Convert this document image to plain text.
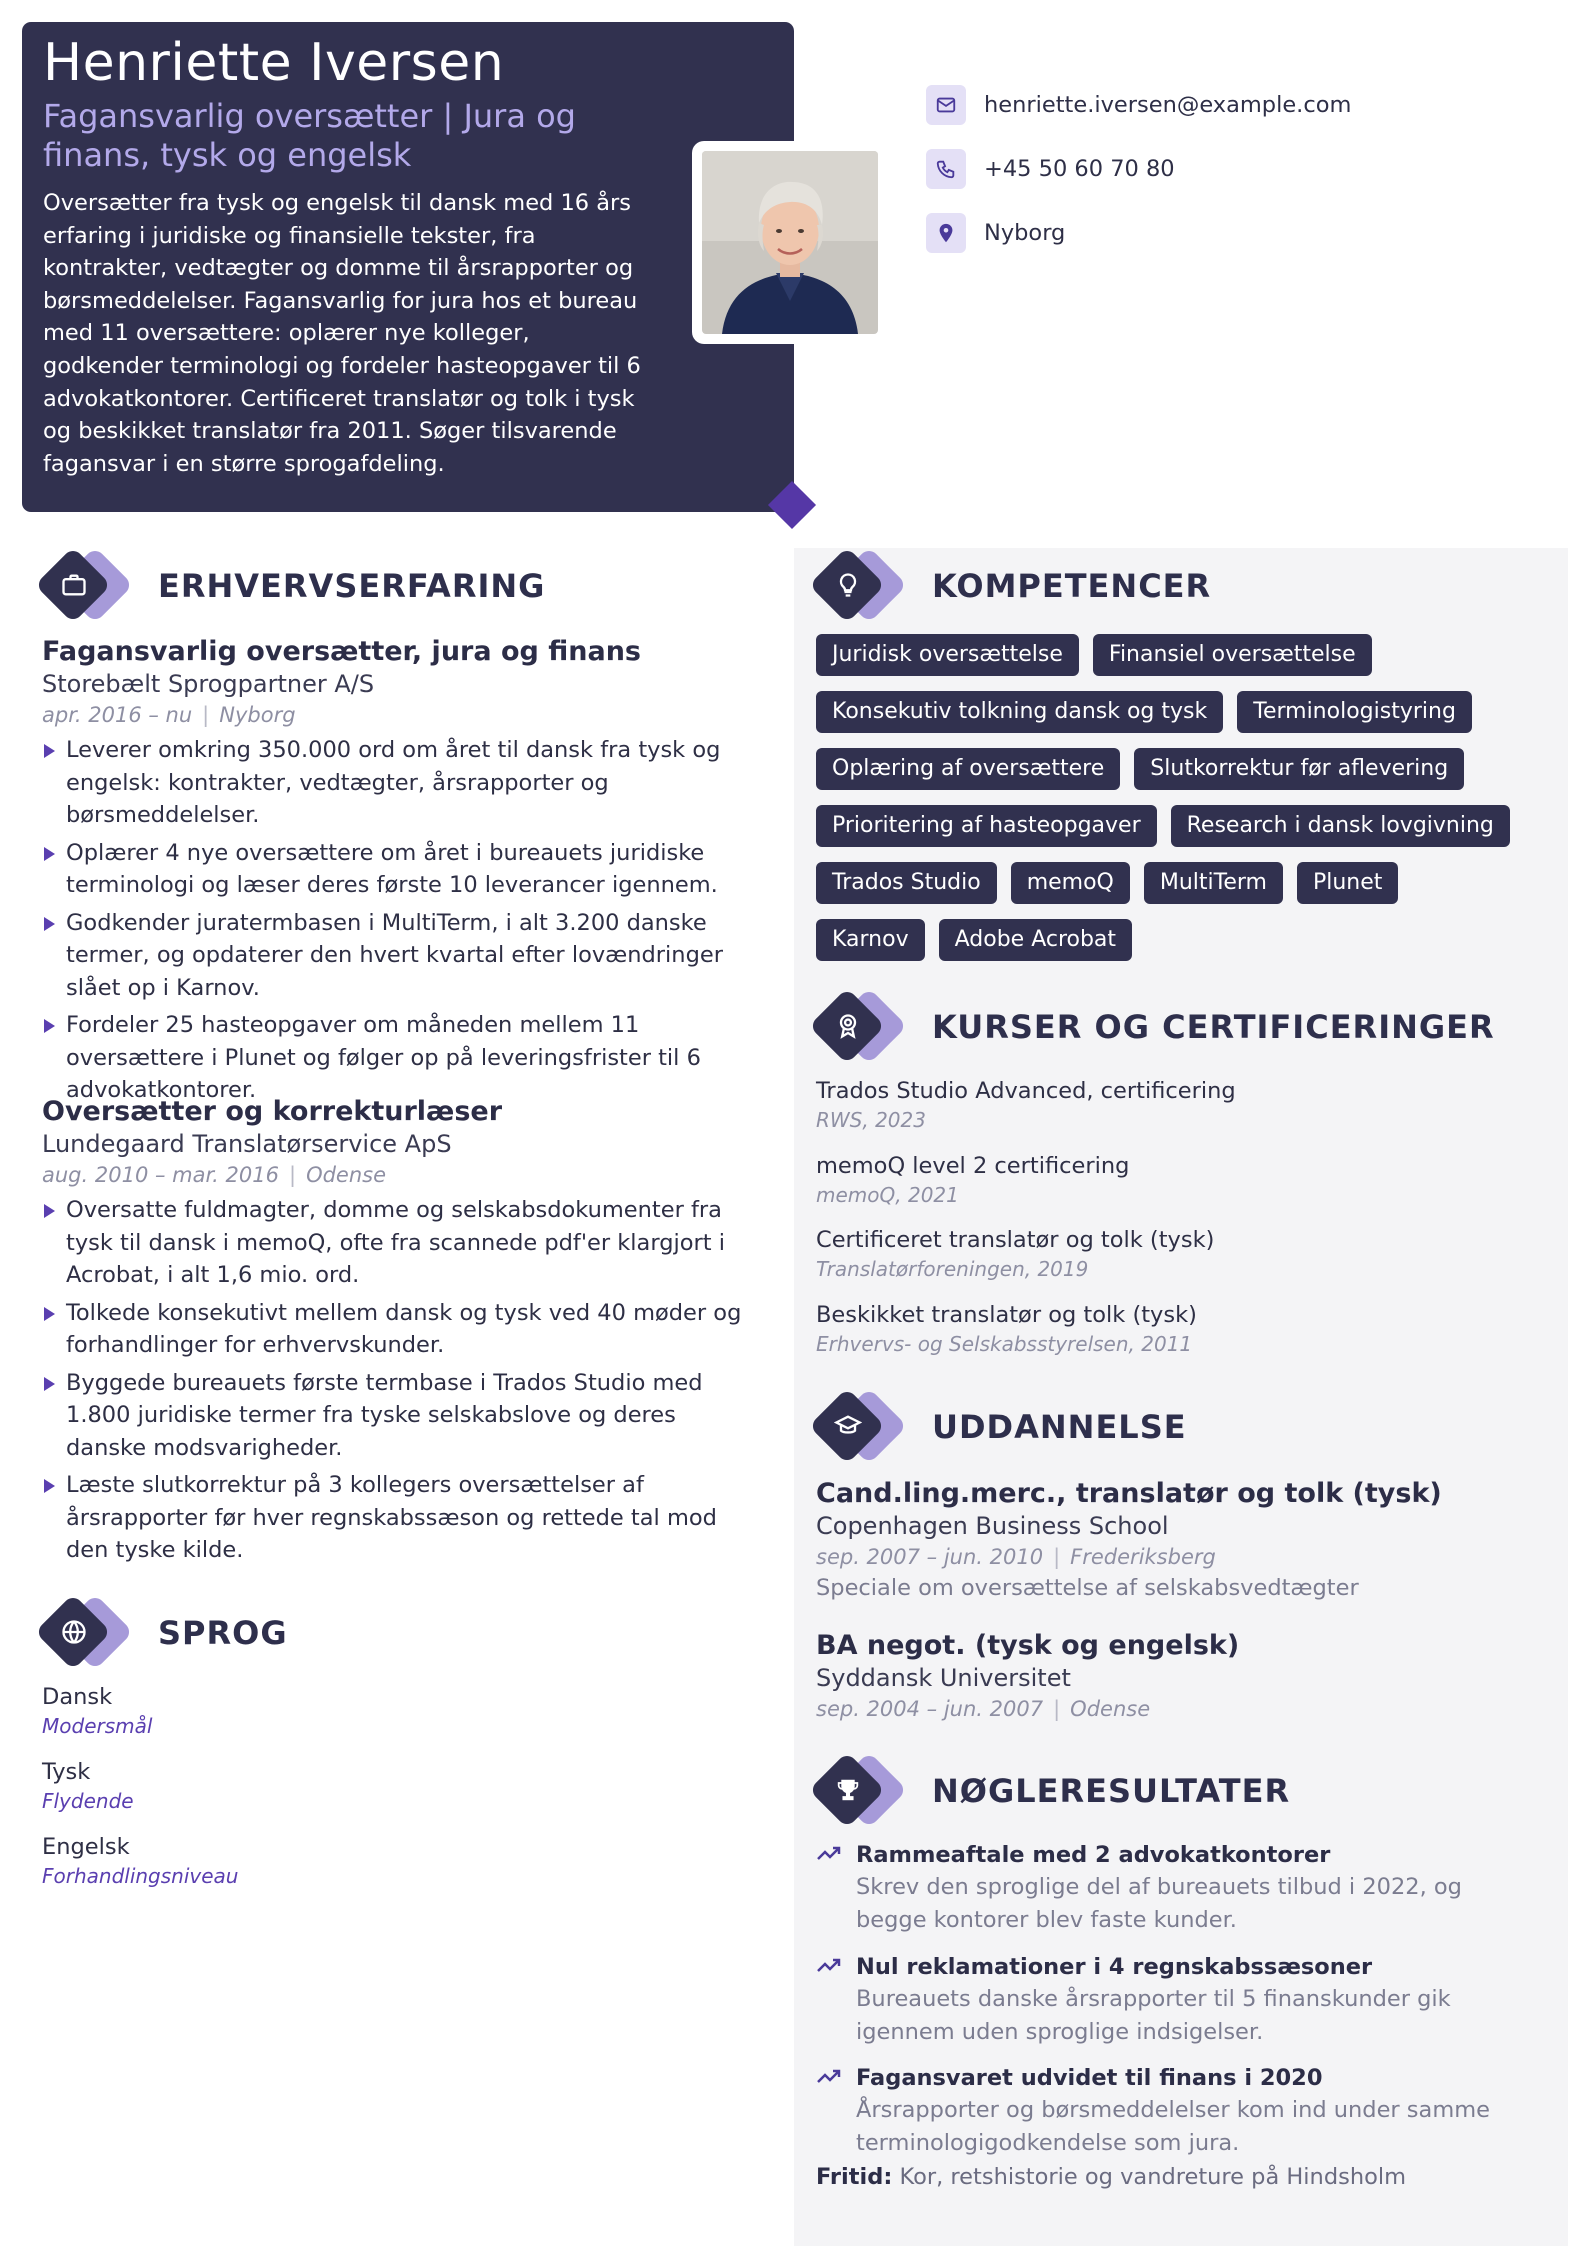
Henriette Iversen
Fagansvarlig oversætter | Jura og finans, tysk og engelsk
Oversætter fra tysk og engelsk til dansk med 16 års erfaring i juridiske og finansielle tekster, fra kontrakter, vedtægter og domme til årsrapporter og børsmeddelelser. Fagansvarlig for jura hos et bureau med 11 oversættere: oplærer nye kolleger, godkender terminologi og fordeler hasteopgaver til 6 advokatkontorer. Certificeret translatør og tolk i tysk og beskikket translatør fra 2011. Søger tilsvarende fagansvar i en større sprogafdeling.
henriette.iversen@example.com
+45 50 60 70 80
Nyborg
ERHVERVSERFARING
Fagansvarlig oversætter, jura og finans
Storebælt Sprogpartner A/S
apr. 2016 – nu | Nyborg
Leverer omkring 350.000 ord om året til dansk fra tysk og engelsk: kontrakter, vedtægter, årsrapporter og børsmeddelelser.
Oplærer 4 nye oversættere om året i bureauets juridiske terminologi og læser deres første 10 leverancer igennem.
Godkender juratermbasen i MultiTerm, i alt 3.200 danske termer, og opdaterer den hvert kvartal efter lovændringer slået op i Karnov.
Fordeler 25 hasteopgaver om måneden mellem 11 oversættere i Plunet og følger op på leveringsfrister til 6 advokatkontorer.
Oversætter og korrekturlæser
Lundegaard Translatørservice ApS
aug. 2010 – mar. 2016 | Odense
Oversatte fuldmagter, domme og selskabsdokumenter fra tysk til dansk i memoQ, ofte fra scannede pdf'er klargjort i Acrobat, i alt 1,6 mio. ord.
Tolkede konsekutivt mellem dansk og tysk ved 40 møder og forhandlinger for erhvervskunder.
Byggede bureauets første termbase i Trados Studio med 1.800 juridiske termer fra tyske selskabslove og deres danske modsvarigheder.
Læste slutkorrektur på 3 kollegers oversættelser af årsrapporter før hver regnskabssæson og rettede tal mod den tyske kilde.
SPROG
Dansk
Modersmål
Tysk
Flydende
Engelsk
Forhandlingsniveau
KOMPETENCER
Juridisk oversættelse	Finansiel oversættelse
Konsekutiv tolkning dansk og tysk	Terminologistyring
Oplæring af oversættere	Slutkorrektur før aflevering
Prioritering af hasteopgaver	Research i dansk lovgivning
Trados Studio	memoQ	MultiTerm	Plunet
Karnov	Adobe Acrobat
KURSER OG CERTIFICERINGER
Trados Studio Advanced, certificering
RWS, 2023
memoQ level 2 certificering
memoQ, 2021
Certificeret translatør og tolk (tysk)
Translatørforeningen, 2019
Beskikket translatør og tolk (tysk)
Erhvervs- og Selskabsstyrelsen, 2011
UDDANNELSE
Cand.ling.merc., translatør og tolk (tysk)
Copenhagen Business School
sep. 2007 – jun. 2010 | Frederiksberg
Speciale om oversættelse af selskabsvedtægter
BA negot. (tysk og engelsk)
Syddansk Universitet
sep. 2004 – jun. 2007 | Odense
NØGLERESULTATER
Rammeaftale med 2 advokatkontorer
Skrev den sproglige del af bureauets tilbud i 2022, og begge kontorer blev faste kunder.
Nul reklamationer i 4 regnskabssæsoner
Bureauets danske årsrapporter til 5 finanskunder gik igennem uden sproglige indsigelser.
Fagansvaret udvidet til finans i 2020
Årsrapporter og børsmeddelelser kom ind under samme terminologigodkendelse som jura.
Fritid: Kor, retshistorie og vandreture på Hindsholm
